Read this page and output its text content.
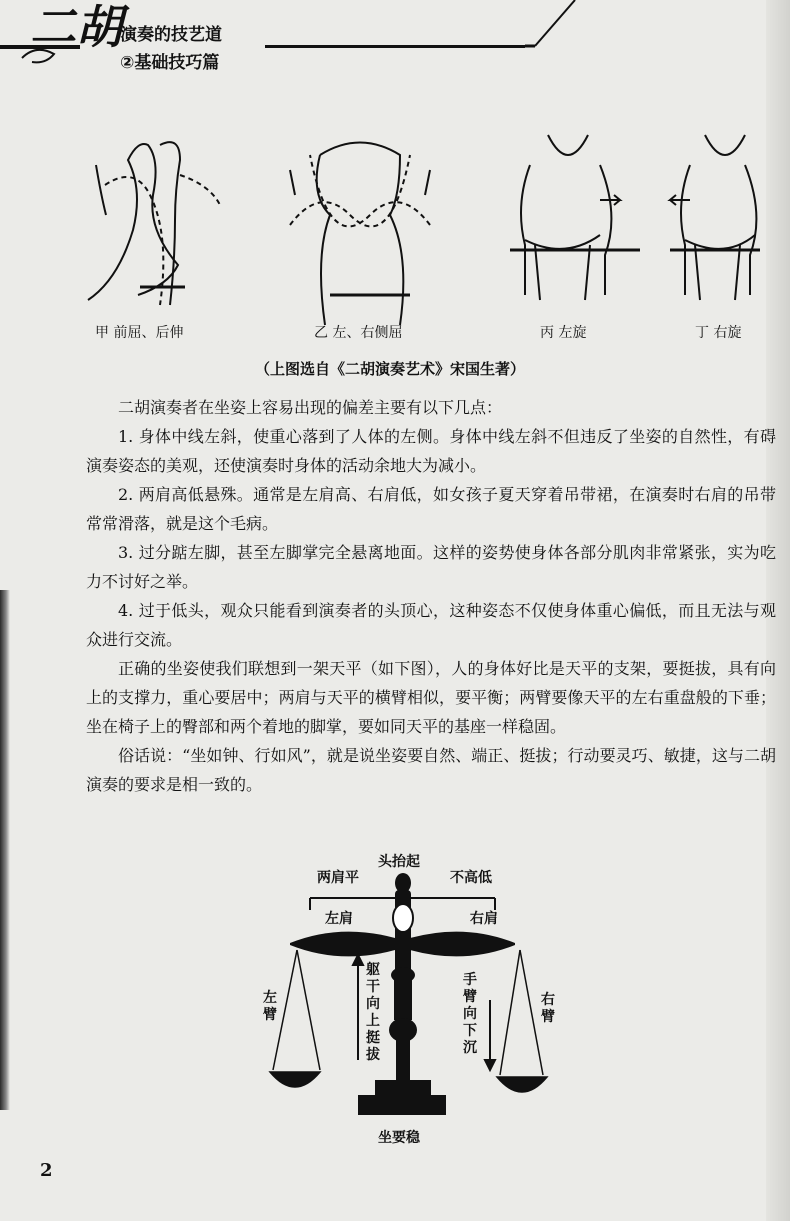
二胡
演奏的技艺道
②基础技巧篇
甲 前屈、后伸	乙 左、右侧屈	丙 左旋	丁 右旋
（上图选自《二胡演奏艺术》宋国生著）

二胡演奏者在坐姿上容易出现的偏差主要有以下几点：

1. 身体中线左斜，使重心落到了人体的左侧。身体中线左斜不但违反了坐姿的自然性，有碍演奏姿态的美观，还使演奏时身体的活动余地大为减小。

2. 两肩高低悬殊。通常是左肩高、右肩低，如女孩子夏天穿着吊带裙，在演奏时右肩的吊带常常滑落，就是这个毛病。

3. 过分踮左脚，甚至左脚掌完全悬离地面。这样的姿势使身体各部分肌肉非常紧张，实为吃力不讨好之举。

4. 过于低头，观众只能看到演奏者的头顶心，这种姿态不仅使身体重心偏低，而且无法与观众进行交流。

正确的坐姿使我们联想到一架天平（如下图），人的身体好比是天平的支架，要挺拔，具有向上的支撑力，重心要居中；两肩与天平的横臂相似，要平衡；两臂要像天平的左右重盘般的下垂；坐在椅子上的臀部和两个着地的脚掌，要如同天平的基座一样稳固。

俗话说：“坐如钟、行如风”，就是说坐姿要自然、端正、挺拔；行动要灵巧、敏捷，这与二胡演奏的要求是相一致的。

头抬起
两肩平	不高低
左肩	右肩
左臂
右臂
躯干向上挺拔
手臂向下沉
坐要稳
2
